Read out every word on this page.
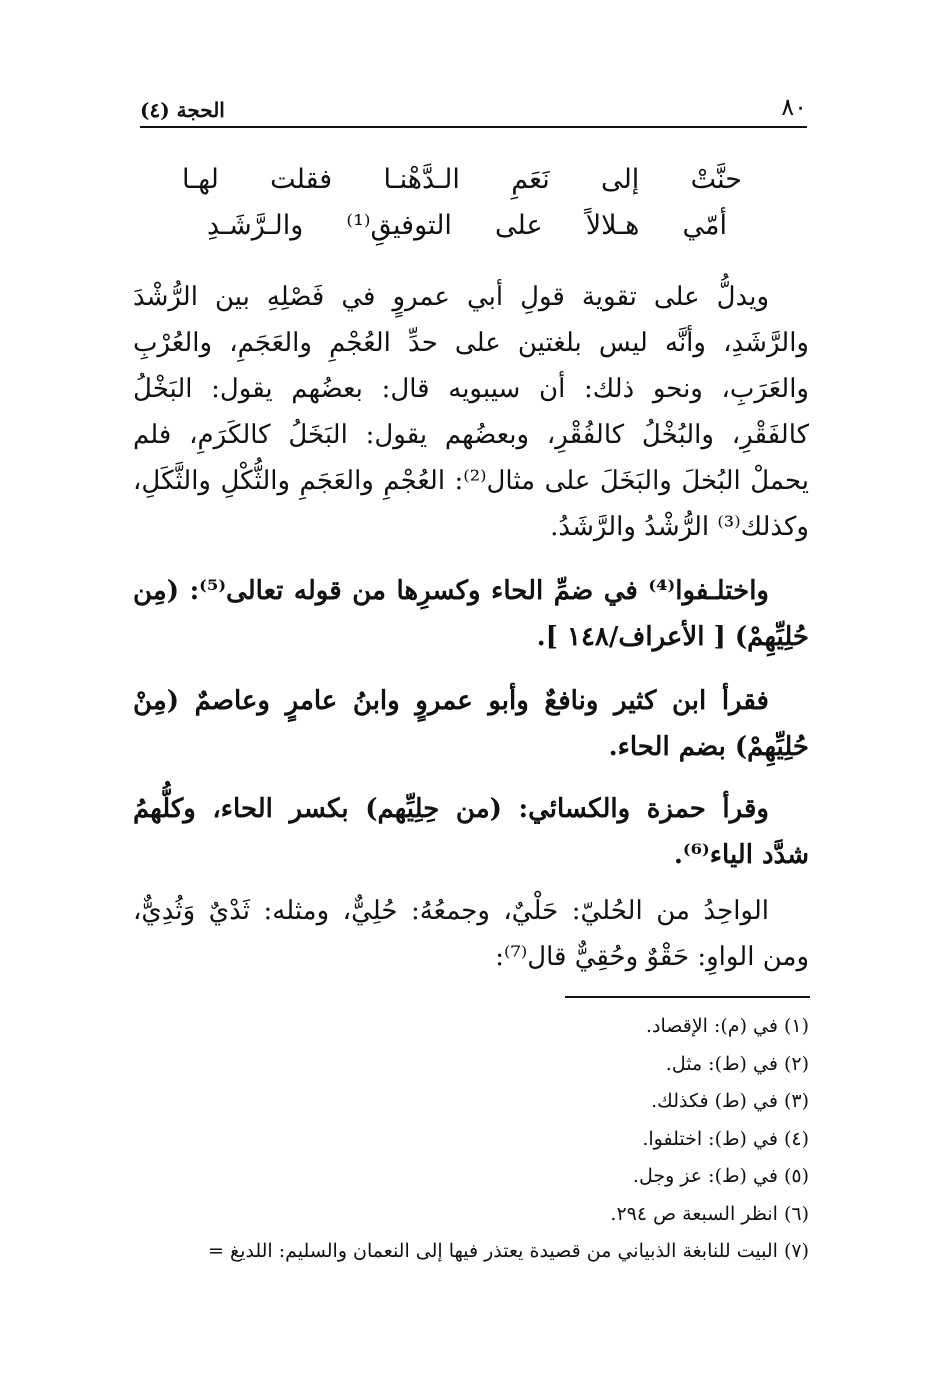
٨٠
الحجة (٤)
حنَّتْ إلى نَعَمِ الـدَّهْنـا فقلت لهـا
أمّي هـلالاً على التوفيقِ⁽¹⁾ والـرَّشَـدِ

ويدلُّ على تقوية قولِ أبي عمروٍ في فَصْلِهِ بين الرُّشْدَ والرَّشَدِ، وأنَّه ليس بلغتين على حدِّ العُجْمِ والعَجَمِ، والعُرْبِ والعَرَبِ، ونحو ذلك: أن سيبويه قال: بعضُهم يقول: البَخْلُ كالفَقْرِ، والبُخْلُ كالفُقْرِ، وبعضُهم يقول: البَخَلُ كالكَرَمِ، فلم يحملْ البُخلَ والبَخَلَ على مثال⁽²⁾: العُجْمِ والعَجَمِ والثُّكْلِ والثَّكَلِ، وكذلك⁽³⁾ الرُّشْدُ والرَّشَدُ.

واختلـفوا⁽⁴⁾ في ضمِّ الحاء وكسرِها من قوله تعالى⁽⁵⁾: (مِن حُلِيِّهِمْ) [ الأعراف/١٤٨ ].

فقرأ ابن كثير ونافعٌ وأبو عمروٍ وابنُ عامرٍ وعاصمٌ (مِنْ حُلِيِّهِمْ) بضم الحاء.

وقرأ حمزة والكسائي: (من حِلِيِّهم) بكسر الحاء، وكلُّهمُ شدَّد الياء⁽⁶⁾.

الواحِدُ من الحُليّ: حَلْيٌ، وجمعُهُ: حُلِيٌّ، ومثله: ثَدْيٌ وَثُدِيٌّ، ومن الواوِ: حَقْوٌ وحُقِيٌّ قال⁽⁷⁾:

(١)في (م): الإقصاد.
(٢)في (ط): مثل.
(٣)في (ط) فكذلك.
(٤)في (ط): اختلفوا.
(٥)في (ط): عز وجل.
(٦)انظر السبعة ص ٢٩٤.
(٧)البيت للنابغة الذبياني من قصيدة يعتذر فيها إلى النعمان والسليم: اللديغ =
